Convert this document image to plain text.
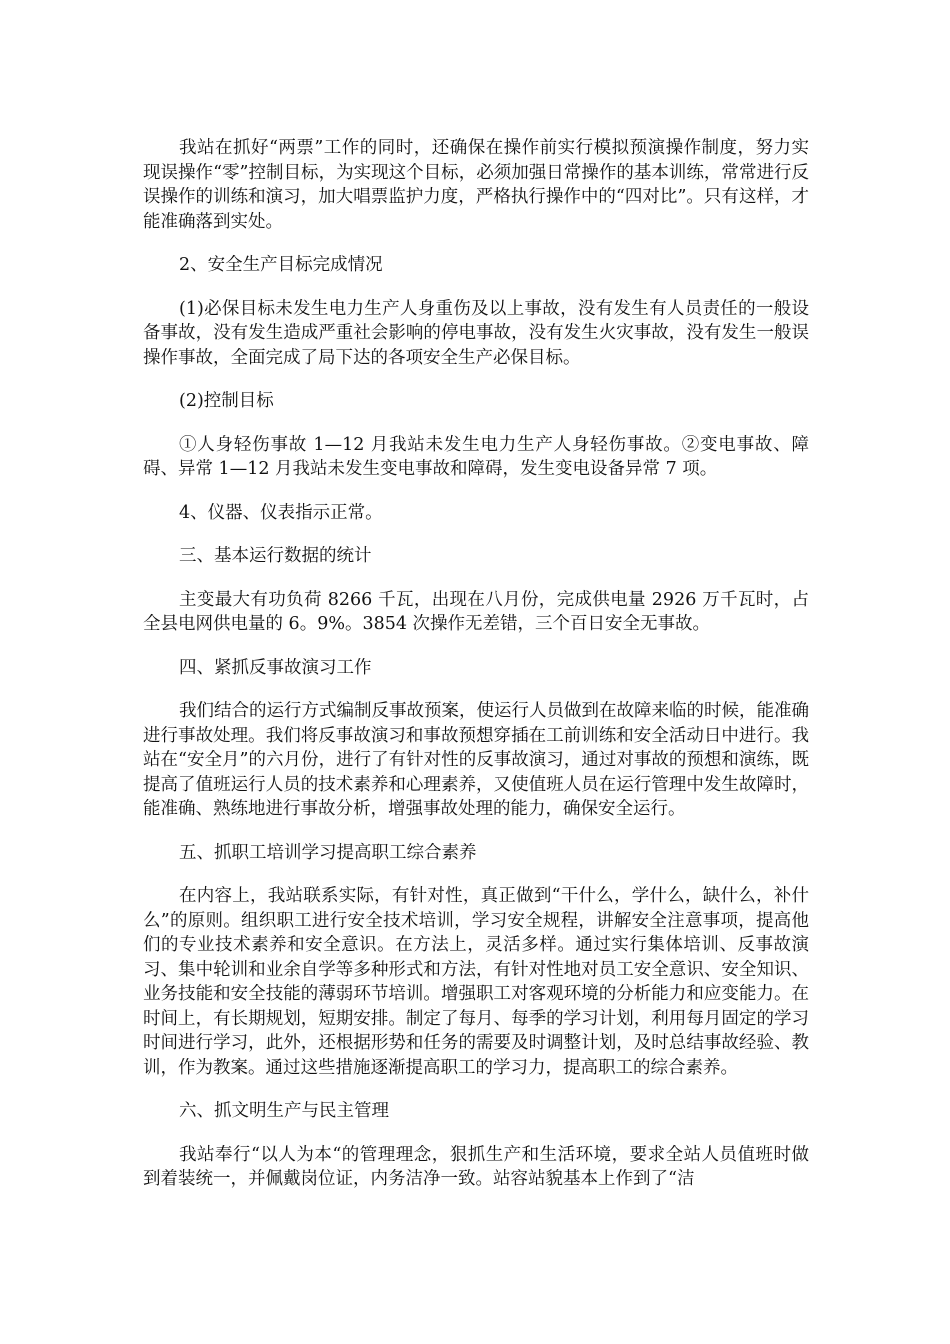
我站在抓好“两票”工作的同时，还确保在操作前实行模拟预演操作制度，努力实现误操作“零”控制目标，为实现这个目标，必须加强日常操作的基本训练，常常进行反误操作的训练和演习，加大唱票监护力度，严格执行操作中的“四对比”。只有这样，才能准确落到实处。

2、安全生产目标完成情况

(1)必保目标未发生电力生产人身重伤及以上事故，没有发生有人员责任的一般设备事故，没有发生造成严重社会影响的停电事故，没有发生火灾事故，没有发生一般误操作事故，全面完成了局下达的各项安全生产必保目标。

(2)控制目标

①人身轻伤事故 1—12 月我站未发生电力生产人身轻伤事故。②变电事故、障碍、异常 1—12 月我站未发生变电事故和障碍，发生变电设备异常 7 项。

4、仪器、仪表指示正常。

三、基本运行数据的统计

主变最大有功负荷 8266 千瓦，出现在八月份，完成供电量 2926 万千瓦时，占全县电网供电量的 6。9%。3854 次操作无差错，三个百日安全无事故。

四、紧抓反事故演习工作

我们结合的运行方式编制反事故预案，使运行人员做到在故障来临的时候，能准确进行事故处理。我们将反事故演习和事故预想穿插在工前训练和安全活动日中进行。我站在“安全月”的六月份，进行了有针对性的反事故演习，通过对事故的预想和演练，既提高了值班运行人员的技术素养和心理素养，又使值班人员在运行管理中发生故障时，能准确、熟练地进行事故分析，增强事故处理的能力，确保安全运行。

五、抓职工培训学习提高职工综合素养

在内容上，我站联系实际，有针对性，真正做到“干什么，学什么，缺什么，补什么”的原则。组织职工进行安全技术培训，学习安全规程，讲解安全注意事项，提高他们的专业技术素养和安全意识。在方法上，灵活多样。通过实行集体培训、反事故演习、集中轮训和业余自学等多种形式和方法，有针对性地对员工安全意识、安全知识、业务技能和安全技能的薄弱环节培训。增强职工对客观环境的分析能力和应变能力。在时间上，有长期规划，短期安排。制定了每月、每季的学习计划，利用每月固定的学习时间进行学习，此外，还根据形势和任务的需要及时调整计划，及时总结事故经验、教训，作为教案。通过这些措施逐渐提高职工的学习力，提高职工的综合素养。

六、抓文明生产与民主管理

我站奉行“以人为本“的管理理念，狠抓生产和生活环境，要求全站人员值班时做到着装统一，并佩戴岗位证，内务洁净一致。站容站貌基本上作到了“洁
